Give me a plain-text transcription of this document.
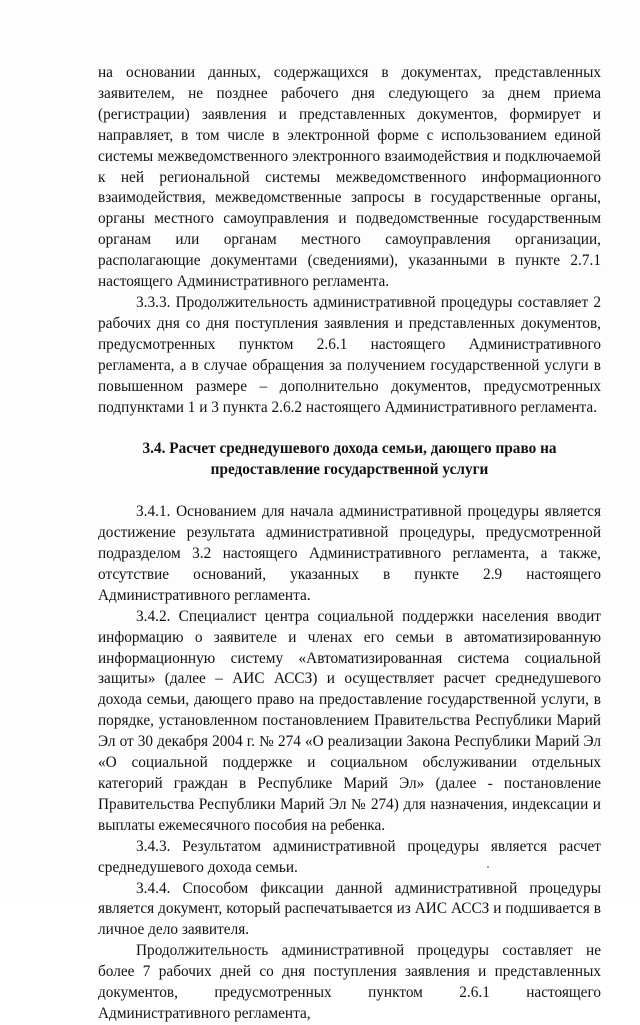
на основании данных, содержащихся в документах, представленных заявителем, не позднее рабочего дня следующего за днем приема (регистрации) заявления и представленных документов, формирует и направляет, в том числе в электронной форме с использованием единой системы межведомственного электронного взаимодействия и подключаемой к ней региональной системы межведомственного информационного взаимодействия, межведомственные запросы в государственные органы, органы местного самоуправления и подведомственные государственным органам или органам местного самоуправления организации, располагающие документами (сведениями), указанными в пункте 2.7.1 настоящего Административного регламента.

3.3.3. Продолжительность административной процедуры составляет 2 рабочих дня со дня поступления заявления и представленных документов, предусмотренных пунктом 2.6.1 настоящего Административного регламента, а в случае обращения за получением государственной услуги в повышенном размере – дополнительно документов, предусмотренных подпунктами 1 и 3 пункта 2.6.2 настоящего Административного регламента.

3.4. Расчет среднедушевого дохода семьи, дающего право на предоставление государственной услуги

3.4.1. Основанием для начала административной процедуры является достижение результата административной процедуры, предусмотренной подразделом 3.2 настоящего Административного регламента, а также, отсутствие оснований, указанных в пункте 2.9 настоящего Административного регламента.

3.4.2. Специалист центра социальной поддержки населения вводит информацию о заявителе и членах его семьи в автоматизированную информационную систему «Автоматизированная система социальной защиты» (далее – АИС АССЗ) и осуществляет расчет среднедушевого дохода семьи, дающего право на предоставление государственной услуги, в порядке, установленном постановлением Правительства Республики Марий Эл от 30 декабря 2004 г. № 274 «О реализации Закона Республики Марий Эл «О социальной поддержке и социальном обслуживании отдельных категорий граждан в Республике Марий Эл» (далее - постановление Правительства Республики Марий Эл № 274) для назначения, индексации и выплаты ежемесячного пособия на ребенка.

3.4.3. Результатом административной процедуры является расчет среднедушевого дохода семьи.

3.4.4. Способом фиксации данной административной процедуры является документ, который распечатывается из АИС АССЗ и подшивается в личное дело заявителя.

Продолжительность административной процедуры составляет не более 7 рабочих дней со дня поступления заявления и представленных документов, предусмотренных пунктом 2.6.1 настоящего Административного регламента,
